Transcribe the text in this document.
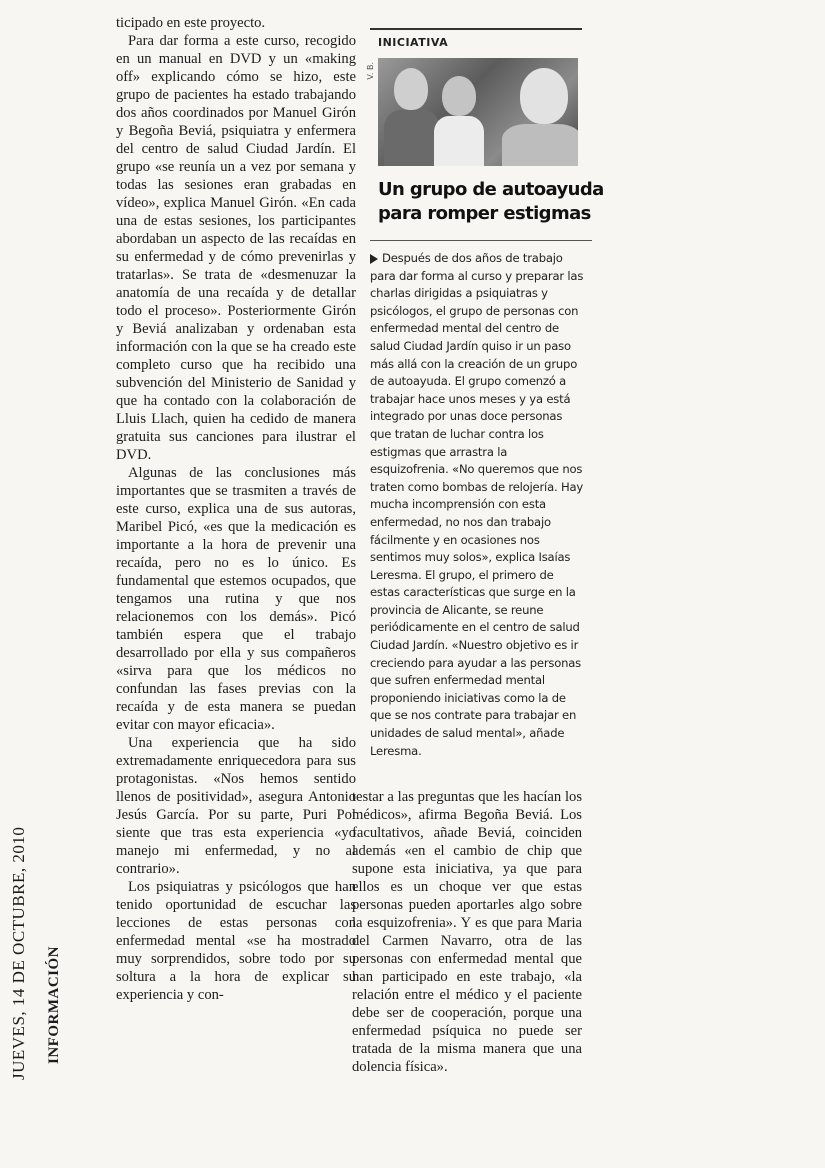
ticipado en este proyecto.

Para dar forma a este curso, recogido en un manual en DVD y un «making off» explicando cómo se hizo, este grupo de pacientes ha estado trabajando dos años coordinados por Manuel Girón y Begoña Beviá, psiquiatra y enfermera del centro de salud Ciudad Jardín. El grupo «se reunía un a vez por semana y todas las sesiones eran grabadas en vídeo», explica Manuel Girón. «En cada una de estas sesiones, los participantes abordaban un aspecto de las recaídas en su enfermedad y de cómo prevenirlas y tratarlas». Se trata de «desmenuzar la anatomía de una recaída y de detallar todo el proceso». Posteriormente Girón y Beviá analizaban y ordenaban esta información con la que se ha creado este completo curso que ha recibido una subvención del Ministerio de Sanidad y que ha contado con la colaboración de Lluis Llach, quien ha cedido de manera gratuita sus canciones para ilustrar el DVD.

Algunas de las conclusiones más importantes que se trasmiten a través de este curso, explica una de sus autoras, Maribel Picó, «es que la medicación es importante a la hora de prevenir una recaída, pero no es lo único. Es fundamental que estemos ocupados, que tengamos una rutina y que nos relacionemos con los demás». Picó también espera que el trabajo desarrollado por ella y sus compañeros «sirva para que los médicos no confundan las fases previas con la recaída y de esta manera se puedan evitar con mayor eficacia».

Una experiencia que ha sido extremadamente enriquecedora para sus protagonistas. «Nos hemos sentido llenos de positividad», asegura Antonio Jesús García. Por su parte, Puri Pol siente que tras esta experiencia «yo manejo mi enfermedad, y no al contrario».

Los psiquiatras y psicólogos que han tenido oportunidad de escuchar las lecciones de estas personas con enfermedad mental «se ha mostrado muy sorprendidos, sobre todo por su soltura a la hora de explicar su experiencia y con-

JUEVES, 14 DE OCTUBRE, 2010 INFORMACIÓN
INICIATIVA
Un grupo de autoayuda para romper estigmas
V. B.
Después de dos años de trabajo para dar forma al curso y preparar las charlas dirigidas a psiquiatras y psicólogos, el grupo de personas con enfermedad mental del centro de salud Ciudad Jardín quiso ir un paso más allá con la creación de un grupo de autoayuda. El grupo comenzó a trabajar hace unos meses y ya está integrado por unas doce personas que tratan de luchar contra los estigmas que arrastra la esquizofrenia. «No queremos que nos traten como bombas de relojería. Hay mucha incomprensión con esta enfermedad, no nos dan trabajo fácilmente y en ocasiones nos sentimos muy solos», explica Isaías Leresma. El grupo, el primero de estas características que surge en la provincia de Alicante, se reune periódicamente en el centro de salud Ciudad Jardín. «Nuestro objetivo es ir creciendo para ayudar a las personas que sufren enfermedad mental proponiendo iniciativas como la de que se nos contrate para trabajar en unidades de salud mental», añade Leresma.

testar a las preguntas que les hacían los médicos», afirma Begoña Beviá. Los facultativos, añade Beviá, coinciden además «en el cambio de chip que supone esta iniciativa, ya que para ellos es un choque ver que estas personas pueden aportarles algo sobre la esquizofrenia». Y es que para Maria del Carmen Navarro, otra de las personas con enfermedad mental que han participado en este trabajo, «la relación entre el médico y el paciente debe ser de cooperación, porque una enfermedad psíquica no puede ser tratada de la misma manera que una dolencia física».
